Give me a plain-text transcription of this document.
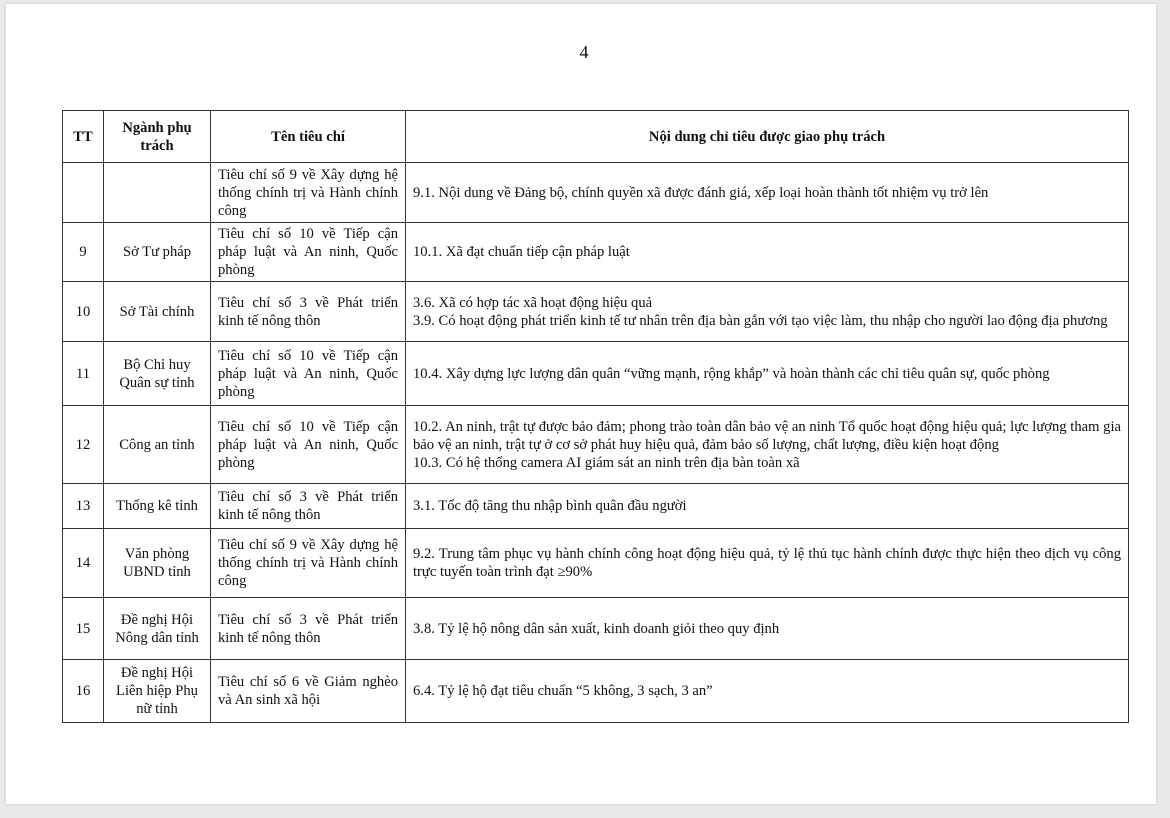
4
TT	Ngành phụ trách	Tên tiêu chí	Nội dung chỉ tiêu được giao phụ trách
		Tiêu chí số 9 về Xây dựng hệ thống chính trị và Hành chính công	9.1. Nội dung về Đảng bộ, chính quyền xã được đánh giá, xếp loại hoàn thành tốt nhiệm vụ trở lên

9	Sở Tư pháp	Tiêu chí số 10 về Tiếp cận pháp luật và An ninh, Quốc phòng	10.1. Xã đạt chuẩn tiếp cận pháp luật

10	Sở Tài chính	Tiêu chí số 3 về Phát triển kinh tế nông thôn	3.6. Xã có hợp tác xã hoạt động hiệu quả
3.9. Có hoạt động phát triển kinh tế tư nhân trên địa bàn gắn với tạo việc làm, thu nhập cho người lao động địa phương

11	Bộ Chỉ huy Quân sự tỉnh	Tiêu chí số 10 về Tiếp cận pháp luật và An ninh, Quốc phòng	10.4. Xây dựng lực lượng dân quân “vững mạnh, rộng khắp” và hoàn thành các chỉ tiêu quân sự, quốc phòng

12	Công an tỉnh	Tiêu chí số 10 về Tiếp cận pháp luật và An ninh, Quốc phòng	10.2. An ninh, trật tự được bảo đảm; phong trào toàn dân bảo vệ an ninh Tổ quốc hoạt động hiệu quả; lực lượng tham gia bảo vệ an ninh, trật tự ở cơ sở phát huy hiệu quả, đảm bảo số lượng, chất lượng, điều kiện hoạt động
10.3. Có hệ thống camera AI giám sát an ninh trên địa bàn toàn xã

13	Thống kê tỉnh	Tiêu chí số 3 về Phát triển kinh tế nông thôn	3.1. Tốc độ tăng thu nhập bình quân đầu người

14	Văn phòng UBND tỉnh	Tiêu chí số 9 về Xây dựng hệ thống chính trị và Hành chính công	9.2. Trung tâm phục vụ hành chính công hoạt động hiệu quả, tỷ lệ thủ tục hành chính được thực hiện theo dịch vụ công trực tuyến toàn trình đạt ≥90%

15	Đề nghị Hội Nông dân tỉnh	Tiêu chí số 3 về Phát triển kinh tế nông thôn	3.8. Tỷ lệ hộ nông dân sản xuất, kinh doanh giỏi theo quy định

16	Đề nghị Hội Liên hiệp Phụ nữ tỉnh	Tiêu chí số 6 về Giảm nghèo và An sinh xã hội	6.4. Tỷ lệ hộ đạt tiêu chuẩn “5 không, 3 sạch, 3 an”
